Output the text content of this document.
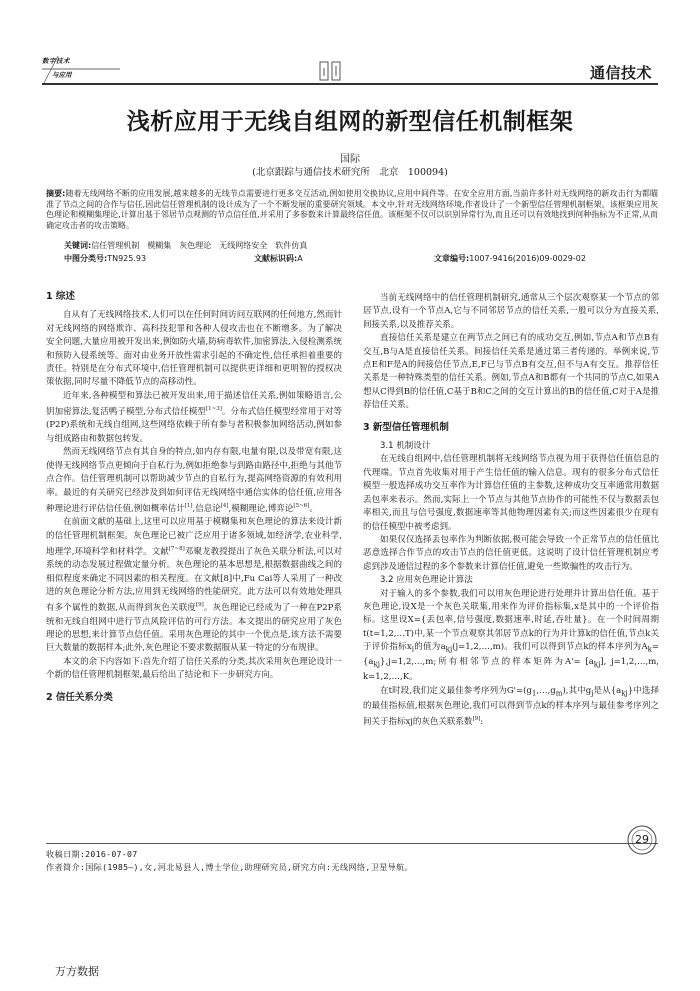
数字技术
与应用	通信技术
浅析应用于无线自组网的新型信任机制框架
国际
(北京跟踪与通信技术研究所　北京　100094)
摘要:随着无线网络不断的应用发展,越来越多的无线节点需要进行更多交互活动,例如使用交换协议,应用中间件等。在安全应用方面,当前许多针对无线网络的新攻击行为都瞄准了节点之间的合作与信任,因此信任管理机制的设计成为了一个不断发展的重要研究领域。本文中,针对无线网络环境,作者设计了一个新型信任管理机制框架。该框架应用灰色理论和模糊集理论,计算出基于邻居节点观测的节点信任值,并采用了多参数来计算最终信任值。该框架不仅可以识别异常行为,而且还可以有效地找到何种指标为不正常,从而确定攻击者的攻击策略。
关键词:信任管理机制　模糊集　灰色理论　无线网络安全　软件仿真
中图分类号:TN925.93	文献标识码:A	文章编号:1007-9416(2016)09-0029-02
1 综述

自从有了无线网络技术,人们可以在任何时间访问互联网的任何地方,然而针对无线网络的网络欺诈、高科技犯罪和各种人侵攻击也在不断增多。为了解决安全问题,大量应用被开发出来,例如防火墙,防病毒软件,加密算法,入侵检测系统和预防入侵系统等。面对由业务开放性需求引起的不确定性,信任承担着重要的责任。特别是在分布式环境中,信任管理机制可以提供更详细和更明智的授权决策依据,同时尽量不降低节点的高移动性。

近年来,各种模型和算法已被开发出来,用于描述信任关系,例如策略语言,公钥加密算法,复活鸭子模型,分布式信任模型[1~3]。分布式信任模型经常用于对等(P2P)系统和无线自组网,这些网络依赖于所有参与者积极参加网络活动,例如参与组成路由和数据包转发。

然而无线网络节点有其自身的特点,如内存有限,电量有限,以及带宽有限,这使得无线网络节点更倾向于自私行为,例如拒绝参与到路由路径中,拒绝与其他节点合作。信任管理机制可以帮助减少节点的自私行为,提高网络资源的有效利用率。最近的有关研究已经涉及到如何评估无线网络中通信实体的信任值,应用各种理论进行评估信任值,例如概率估计[1],信息论[4],模糊理论,博弈论[5~6]。

在前面文献的基础上,这里可以应用基于模糊集和灰色理论的算法来设计新的信任管理机制框架。灰色理论已被广泛应用于诸多领域,如经济学,农业科学,地理学,环境科学和材料学。文献[7~8]邓聚龙教授提出了灰色关联分析法,可以对系统的动态发展过程做定量分析。灰色理论的基本思想是,根据数据曲线之间的相似程度来确定不同因素的相关程度。在文献[8]中,Fu Cai等人采用了一种改进的灰色理论分析方法,应用到无线网络的性能研究。此方法可以有效地处理具有多个属性的数据,从而得到灰色关联度[9]。灰色理论已经成为了一种在P2P系统和无线自组网中进行节点风险评估的可行方法。本文提出的研究应用了灰色理论的思想,来计算节点信任值。采用灰色理论的其中一个优点是,该方法不需要巨大数量的数据样本;此外,灰色理论不要求数据服从某一特定的分布规律。

本文的余下内容如下:首先介绍了信任关系的分类,其次采用灰色理论设计一个新的信任管理机制框架,最后给出了结论和下一步研究方向。

2 信任关系分类

当前无线网络中的信任管理机制研究,通常从三个层次观察某一个节点的邻居节点,设有一个节点A,它与不同邻居节点的信任关系,一般可以分为直接关系,间接关系,以及推荐关系。

直接信任关系是建立在两节点之间已有的成功交互,例如,节点A和节点B有交互,B与A是直接信任关系。间接信任关系是通过第三者传递的。举例来说,节点E和F是A的间接信任节点,E,F已与节点B有交互,但不与A有交互。推荐信任关系是一种特殊类型的信任关系。例如,节点A和B都有一个共同的节点C,如果A想从C得到B的信任值,C基于B和C之间的交互计算出的B的信任值,C对于A是推荐信任关系。

3 新型信任管理机制
3.1 机制设计

在无线自组网中,信任管理机制将无线网络节点视为用于获得信任值信息的代理端。节点首先收集对用于产生信任值的输入信息。现有的很多分布式信任模型一般选择成功交互率作为计算信任值的主参数,这种成功交互率通常用数据丢包率来表示。然而,实际上一个节点与其他节点协作的可能性不仅与数据丢包率相关,而且与信号强度,数据速率等其他物理因素有关;而这些因素很少在现有的信任模型中被考虑到。

如果仅仅选择丢包率作为判断依据,极可能会导致一个正常节点的信任值比恶意选择合作节点的攻击节点的信任值更低。这说明了设计信任管理机制应考虑到涉及通信过程的多个参数来计算信任值,避免一些欺骗性的攻击行为。

3.2 应用灰色理论计算法

对于输入的多个参数,我们可以用灰色理论进行处理并计算出信任值。基于灰色理论,设X是一个灰色关联集,用来作为评价指标集,x是其中的一个评价指标。这里设X={丢包率,信号强度,数据速率,时延,吞吐量}。在一个时间周期t(t=1,2,…T)中,某一个节点观察其邻居节点k的行为并计算k的信任值,节点k关于评价指标$x_i$的值为$a_{kj}(j=1,2,\dots,m)$。我们可以得到节点k的样本序列为$A_k=\{a_{kj}\},j=1,2,\dots,m$;所有相邻节点的样本矩阵为$A'= [a_{kj}]$, j=1,2,…,m, k=1,2,…,K。

在t时段,我们定义最佳参考序列为$G'=(g_1,\dots,g_m)$,其中$g_j$是从$\{a_{kj}\}$中选择的最佳指标值,根据灰色理论,我们可以得到节点k的样本序列与最佳参考序列之间关于指标xj的灰色关联系数[9]:

收稿日期:2016-07-07
作者简介:国际(1985—),女,河北易县人,博士学位,助理研究员,研究方向:无线网络,卫星导航。
29
万方数据
